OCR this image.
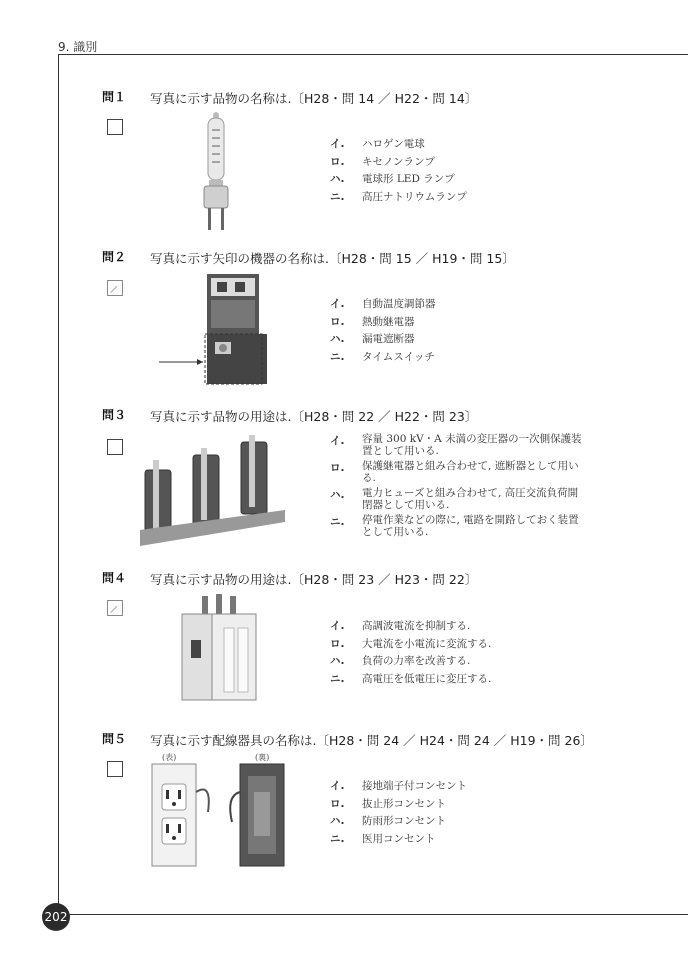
9. 識別
202
問１	写真に示す品物の名称は.〔H28・問 14 ／ H22・問 14〕
イ.	ハロゲン電球
ロ.	キセノンランプ
ハ.	電球形 LED ランプ
ニ.	高圧ナトリウムランプ
問２	写真に示す矢印の機器の名称は.〔H28・問 15 ／ H19・問 15〕
イ.	自動温度調節器
ロ.	熱動継電器
ハ.	漏電遮断器
ニ.	タイムスイッチ
問３	写真に示す品物の用途は.〔H28・問 22 ／ H22・問 23〕
イ.	容量 300 kV・A 未満の変圧器の一次側保護装置として用いる.
ロ.	保護継電器と組み合わせて, 遮断器として用いる.
ハ.	電力ヒューズと組み合わせて, 高圧交流負荷開閉器として用いる.
ニ.	停電作業などの際に, 電路を開路しておく装置として用いる.
問４	写真に示す品物の用途は.〔H28・問 23 ／ H23・問 22〕
イ.	高調波電流を抑制する.
ロ.	大電流を小電流に変流する.
ハ.	負荷の力率を改善する.
ニ.	高電圧を低電圧に変圧する.
問５	写真に示す配線器具の名称は.〔H28・問 24 ／ H24・問 24 ／ H19・問 26〕
(表)	(裏)
イ.	接地端子付コンセント
ロ.	抜止形コンセント
ハ.	防雨形コンセント
ニ.	医用コンセント
